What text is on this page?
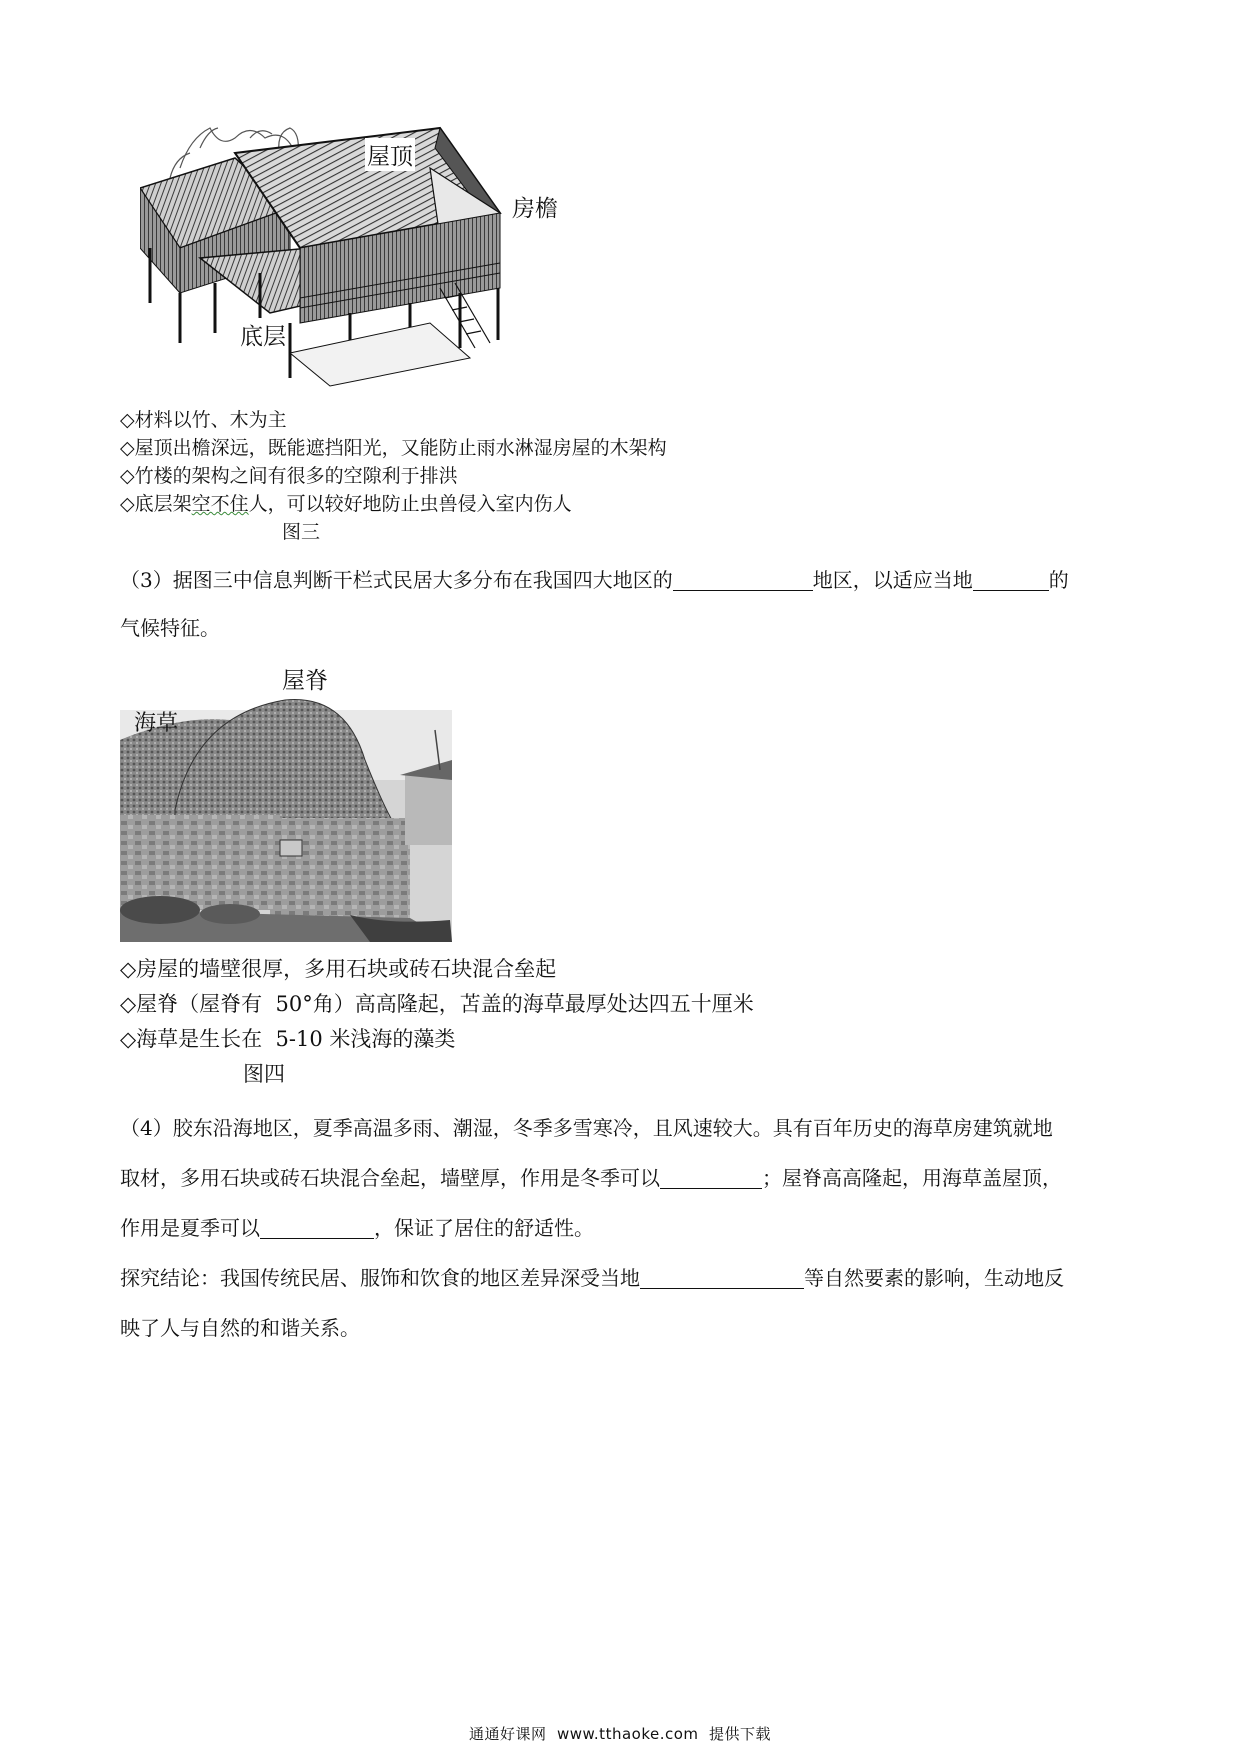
屋顶
房檐
底层
◇材料以竹、木为主
◇屋顶出檐深远，既能遮挡阳光，又能防止雨水淋湿房屋的木架构
◇竹楼的架构之间有很多的空隙利于排洪
◇底层架空不住人，可以较好地防止虫兽侵入室内伤人
图三
（3）据图三中信息判断干栏式民居大多分布在我国四大地区的	地区，以适应当地	的
气候特征。
屋脊
海草
◇房屋的墙壁很厚，多用石块或砖石块混合垒起
◇屋脊（屋脊有  50°角）高高隆起，苫盖的海草最厚处达四五十厘米
◇海草是生长在  5-10 米浅海的藻类
图四
（4）胶东沿海地区，夏季高温多雨、潮湿，冬季多雪寒冷，且风速较大。具有百年历史的海草房建筑就地
取材，多用石块或砖石块混合垒起，墙壁厚，作用是冬季可以	；屋脊高高隆起，用海草盖屋顶，
作用是夏季可以	，保证了居住的舒适性。
探究结论：我国传统民居、服饰和饮食的地区差异深受当地	等自然要素的影响，生动地反
映了人与自然的和谐关系。
通通好课网  www.tthaoke.com  提供下载
